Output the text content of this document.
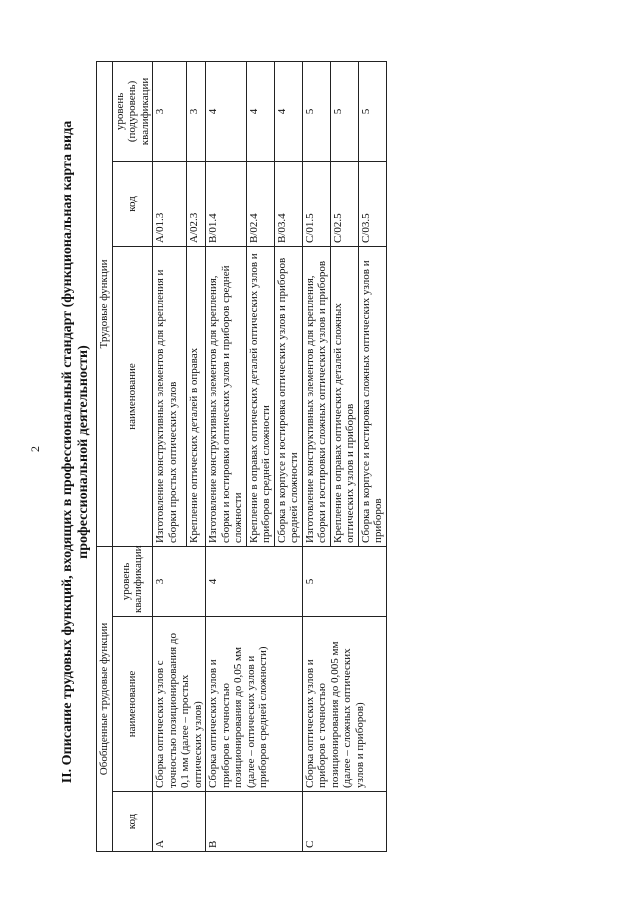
2 II. Описание трудовых функций, входящих в профессиональный стандарт (функциональная карта вида профессиональной деятельности)

Обобщенные трудовые функции			Трудовые функции		
код	наименование	уровень квалификации	наименование	код	уровень (подуровень) квалификации
A	Сборка оптических узлов с точностью позиционирования до 0,1 мм (далее – простых оптических узлов)	3	Изготовление конструктивных элементов для крепления и сборки простых оптических узлов	A/01.3	3
			Крепление оптических деталей в оправах	A/02.3	3
B	Сборка оптических узлов и приборов с точностью позиционирования до 0,05 мм (далее – оптических узлов и приборов средней сложности)	4	Изготовление конструктивных элементов для крепления, сборки и юстировки оптических узлов и приборов средней сложности	B/01.4	4
			Крепление в оправах оптических деталей оптических узлов и приборов средней сложности	B/02.4	4
			Сборка в корпусе и юстировка оптических узлов и приборов средней сложности	B/03.4	4
C	Сборка оптических узлов и приборов с точностью позиционирования до 0,005 мм (далее – сложных оптических узлов и приборов)	5	Изготовление конструктивных элементов для крепления, сборки и юстировки сложных оптических узлов и приборов	C/01.5	5
			Крепление в оправах оптических деталей сложных оптических узлов и приборов	C/02.5	5
			Сборка в корпусе и юстировка сложных оптических узлов и приборов	C/03.5	5
